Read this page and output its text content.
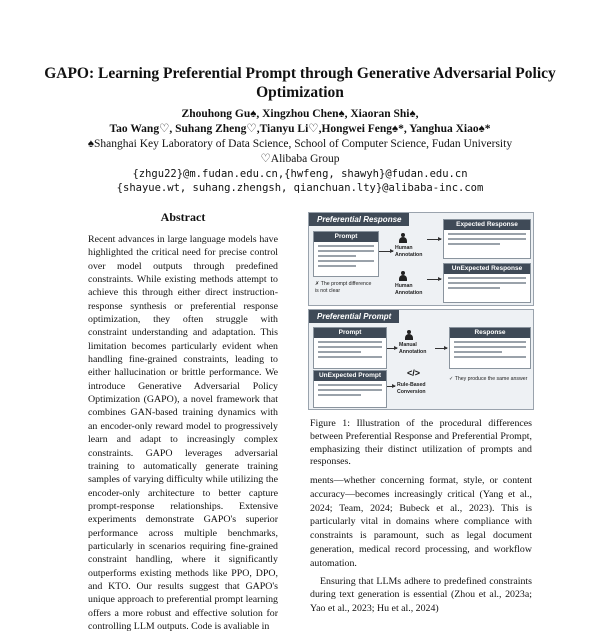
GAPO: Learning Preferential Prompt through Generative Adversarial Policy Optimization
Zhouhong Gu♠, Xingzhou Chen♠, Xiaoran Shi♠,
Tao Wang♡, Suhang Zheng♡,Tianyu Li♡,Hongwei Feng♠*, Yanghua Xiao♠*
♠Shanghai Key Laboratory of Data Science, School of Computer Science, Fudan University
♡Alibaba Group
{zhgu22}@m.fudan.edu.cn,{hwfeng, shawyh}@fudan.edu.cn
{shayue.wt, suhang.zhengsh, qianchuan.lty}@alibaba-inc.com
Abstract

Recent advances in large language models have highlighted the critical need for precise control over model outputs through predefined constraints. While existing methods attempt to achieve this through either direct instruction-response synthesis or preferential response optimization, they often struggle with constraint understanding and adaptation. This limitation becomes particularly evident when handling fine-grained constraints, leading to either hallucination or brittle performance. We introduce Generative Adversarial Policy Optimization (GAPO), a novel framework that combines GAN-based training dynamics with an encoder-only reward model to progressively learn and adapt to increasingly complex constraints. GAPO leverages adversarial training to automatically generate training samples of varying difficulty while utilizing the encoder-only architecture to better capture prompt-response relationships. Extensive experiments demonstrate GAPO's superior performance across multiple benchmarks, particularly in scenarios requiring fine-grained constraint handling, where it significantly outperforms existing methods like PPO, DPO, and KTO. Our results suggest that GAPO's unique approach to preferential prompt learning offers a more robust and effective solution for controlling LLM outputs. Code is avaliable in

Preferential Response
Prompt
✗ The prompt difference is not clear
Human
Annotation
Human
Annotation
Expected Response
UnExpected Response
Preferential Prompt
Prompt
UnExpected Prompt
Manual
Annotation
</>
Rule-Based
Conversion
Response
✓ They produce the same answer
Figure 1: Illustration of the procedural differences between Preferential Response and Preferential Prompt, emphasizing their distinct utilization of prompts and responses.

ments—whether concerning format, style, or content accuracy—becomes increasingly critical (Yang et al., 2024; Team, 2024; Bubeck et al., 2023). This is particularly vital in domains where compliance with constraints is paramount, such as legal document generation, medical record processing, and workflow automation.

Ensuring that LLMs adhere to predefined constraints during text generation is essential (Zhou et al., 2023a; Yao et al., 2023; Hu et al., 2024)
